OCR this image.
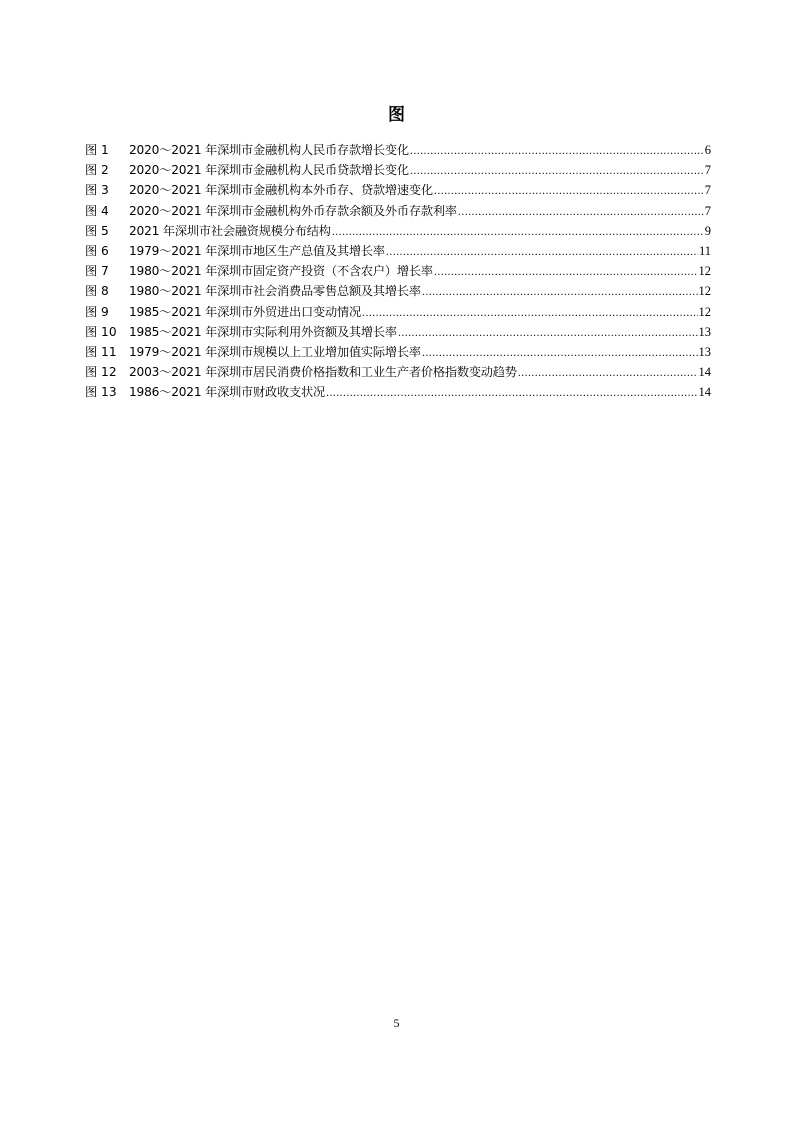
图
图 1	2020～2021 年深圳市金融机构人民币存款增长变化 .....	6
图 2	2020～2021 年深圳市金融机构人民币贷款增长变化 .....	7
图 3	2020～2021 年深圳市金融机构本外币存、贷款增速变化 .....	7
图 4	2020～2021 年深圳市金融机构外币存款余额及外币存款利率 .....	7
图 5	2021 年深圳市社会融资规模分布结构 .....	9
图 6	1979～2021 年深圳市地区生产总值及其增长率 .....	11
图 7	1980～2021 年深圳市固定资产投资（不含农户）增长率 .....	12
图 8	1980～2021 年深圳市社会消费品零售总额及其增长率 .....	12
图 9	1985～2021 年深圳市外贸进出口变动情况 .....	12
图 10	1985～2021 年深圳市实际利用外资额及其增长率 .....	13
图 11	1979～2021 年深圳市规模以上工业增加值实际增长率 .....	13
图 12	2003～2021 年深圳市居民消费价格指数和工业生产者价格指数变动趋势 .....	14
图 13	1986～2021 年深圳市财政收支状况 .....	14
5
